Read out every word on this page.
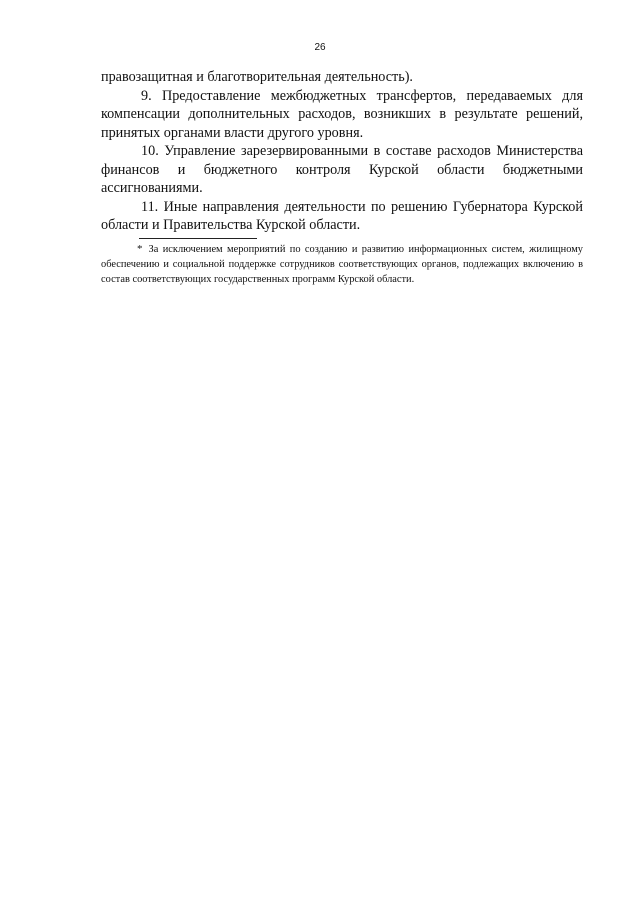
26

правозащитная и благотворительная деятельность).

9. Предоставление межбюджетных трансфертов, передаваемых для компенсации дополнительных расходов, возникших в результате решений, принятых органами власти другого уровня.

10. Управление зарезервированными в составе расходов Министерства финансов и бюджетного контроля Курской области бюджетными ассигнованиями.

11. Иные направления деятельности по решению Губернатора Курской области и Правительства Курской области.

* За исключением мероприятий по созданию и развитию информационных систем, жилищному обеспечению и социальной поддержке сотрудников соответствующих органов, подлежащих включению в состав соответствующих государственных программ Курской области.
